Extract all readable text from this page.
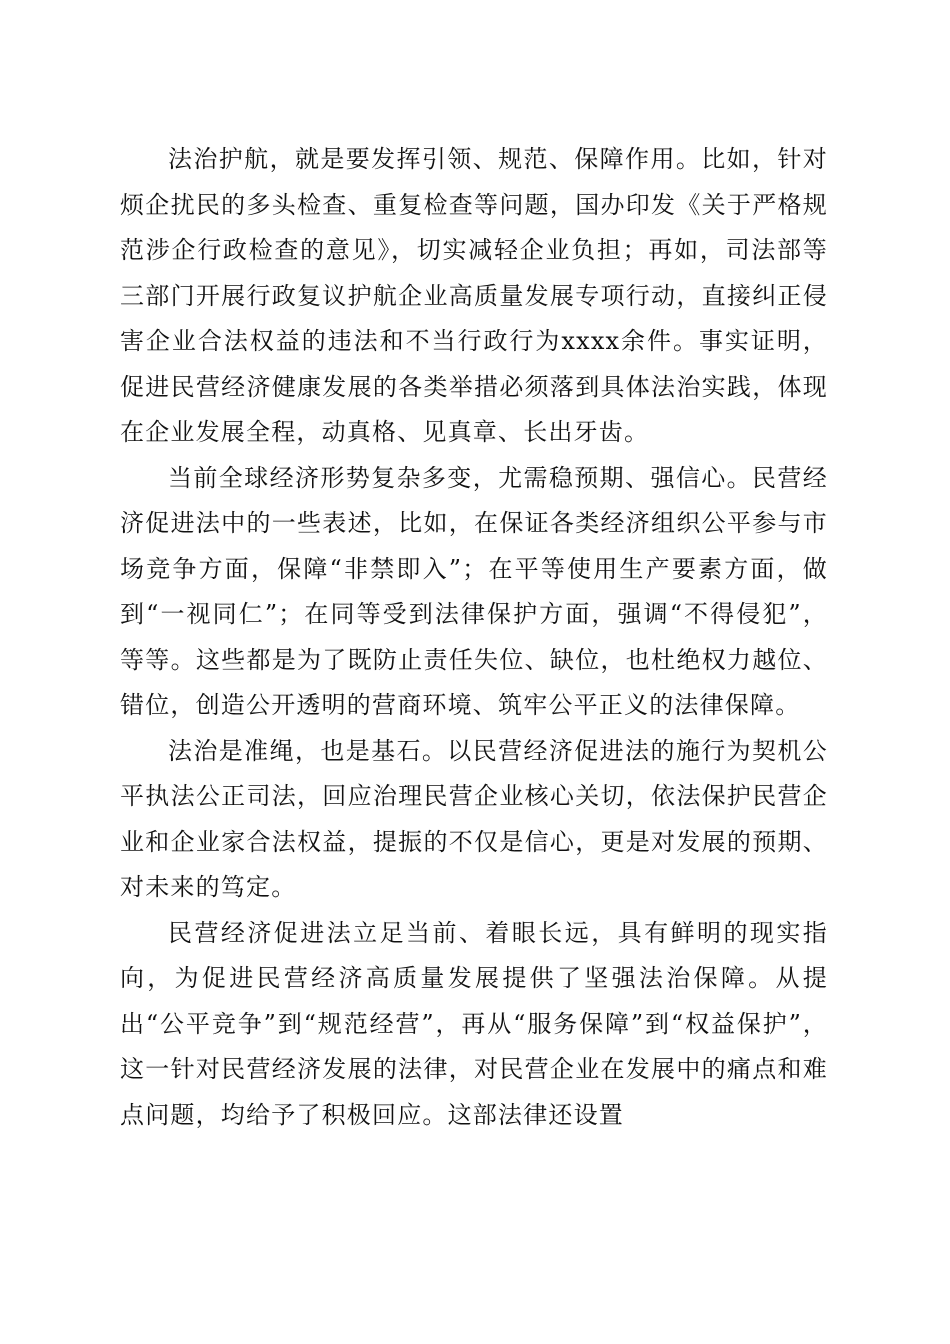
法治护航，就是要发挥引领、规范、保障作用。比如，针对烦企扰民的多头检查、重复检查等问题，国办印发《关于严格规范涉企行政检查的意见》，切实减轻企业负担；再如，司法部等三部门开展行政复议护航企业高质量发展专项行动，直接纠正侵害企业合法权益的违法和不当行政行为xxxx余件。事实证明，促进民营经济健康发展的各类举措必须落到具体法治实践，体现在企业发展全程，动真格、见真章、长出牙齿。

当前全球经济形势复杂多变，尤需稳预期、强信心。民营经济促进法中的一些表述，比如，在保证各类经济组织公平参与市场竞争方面，保障“非禁即入”；在平等使用生产要素方面，做到“一视同仁”；在同等受到法律保护方面，强调“不得侵犯”，等等。这些都是为了既防止责任失位、缺位，也杜绝权力越位、错位，创造公开透明的营商环境、筑牢公平正义的法律保障。

法治是准绳，也是基石。以民营经济促进法的施行为契机公平执法公正司法，回应治理民营企业核心关切，依法保护民营企业和企业家合法权益，提振的不仅是信心，更是对发展的预期、对未来的笃定。

民营经济促进法立足当前、着眼长远，具有鲜明的现实指向，为促进民营经济高质量发展提供了坚强法治保障。从提出“公平竞争”到“规范经营”，再从“服务保障”到“权益保护”，这一针对民营经济发展的法律，对民营企业在发展中的痛点和难点问题，均给予了积极回应。这部法律还设置
